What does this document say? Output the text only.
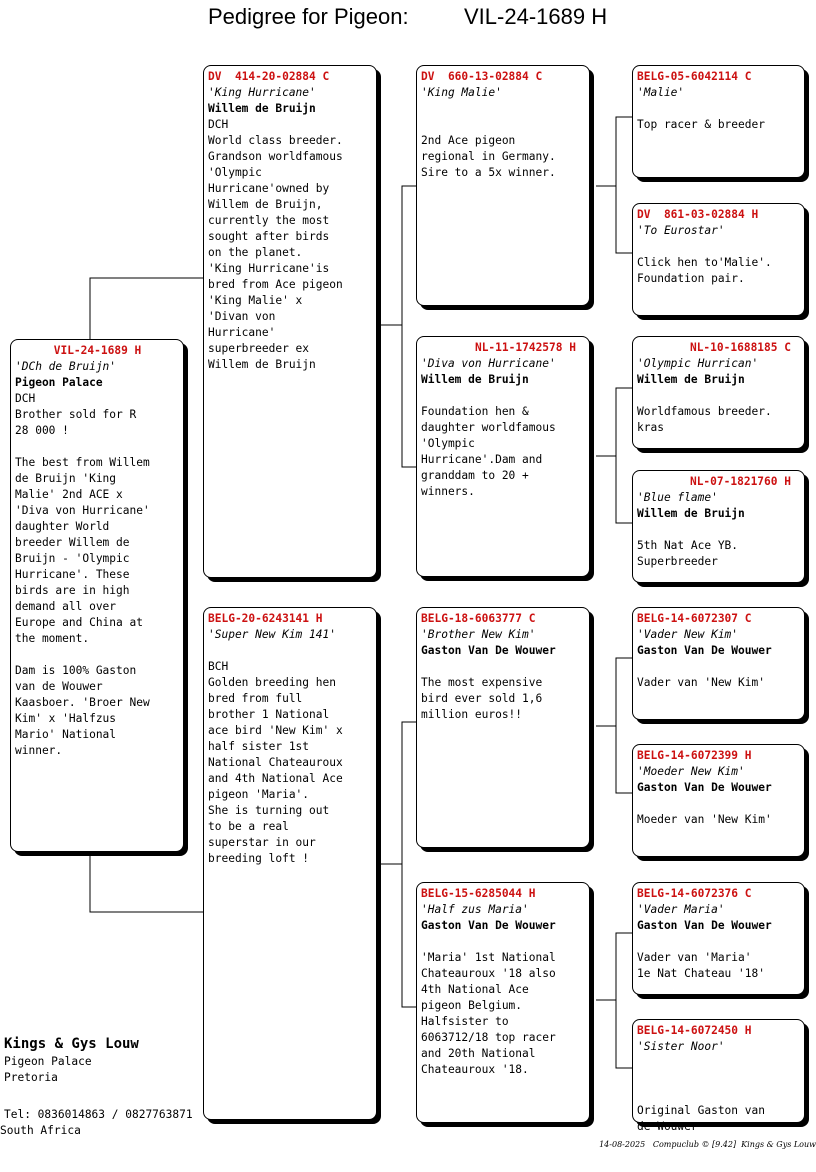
Pedigree for Pigeon:	VIL-24-1689 H
VIL-24-1689 H
'DCh de Bruijn'
Pigeon Palace
DCH
Brother sold for R
28 000 !

The best from Willem
de Bruijn 'King
Malie' 2nd ACE x
'Diva von Hurricane'
daughter World
breeder Willem de
Bruijn - 'Olympic
Hurricane'. These
birds are in high
demand all over
Europe and China at
the moment.

Dam is 100% Gaston
van de Wouwer
Kaasboer. 'Broer New
Kim' x 'Halfzus
Mario' National
winner.
DV  414-20-02884 C
'King Hurricane'
Willem de Bruijn
DCH
World class breeder.
Grandson worldfamous
'Olympic
Hurricane'owned by
Willem de Bruijn,
currently the most
sought after birds
on the planet.
'King Hurricane'is
bred from Ace pigeon
'King Malie' x
'Divan von
Hurricane'
superbreeder ex
Willem de Bruijn
BELG-20-6243141 H
'Super New Kim 141'
BCH
Golden breeding hen
bred from full
brother 1 National
ace bird 'New Kim' x
half sister 1st
National Chateauroux
and 4th National Ace
pigeon 'Maria'.
She is turning out
to be a real
superstar in our
breeding loft !
DV  660-13-02884 C
'King Malie'
2nd Ace pigeon
regional in Germany.
Sire to a 5x winner.
NL-11-1742578 H
'Diva von Hurricane'
Willem de Bruijn
Foundation hen &
daughter worldfamous
'Olympic
Hurricane'.Dam and
granddam to 20 +
winners.
BELG-18-6063777 C
'Brother New Kim'
Gaston Van De Wouwer
The most expensive
bird ever sold 1,6
million euros!!
BELG-15-6285044 H
'Half zus Maria'
Gaston Van De Wouwer
'Maria' 1st National
Chateauroux '18 also
4th National Ace
pigeon Belgium.
Halfsister to
6063712/18 top racer
and 20th National
Chateauroux '18.
BELG-05-6042114 C
'Malie'
Top racer & breeder
DV  861-03-02884 H
'To Eurostar'
Click hen to'Malie'.
Foundation pair.
NL-10-1688185 C
'Olympic Hurrican'
Willem de Bruijn
Worldfamous breeder.
kras
NL-07-1821760 H
'Blue flame'
Willem de Bruijn
5th Nat Ace YB.
Superbreeder
BELG-14-6072307 C
'Vader New Kim'
Gaston Van De Wouwer
Vader van 'New Kim'
BELG-14-6072399 H
'Moeder New Kim'
Gaston Van De Wouwer
Moeder van 'New Kim'
BELG-14-6072376 C
'Vader Maria'
Gaston Van De Wouwer
Vader van 'Maria'
1e Nat Chateau '18'
BELG-14-6072450 H
'Sister Noor'

Original Gaston van
de Wouwer
Kings & Gys Louw
Pigeon Palace
Pretoria
Tel: 0836014863 / 0827763871
South Africa
14-08-2025   Compuclub © [9.42]  Kings & Gys Louw
